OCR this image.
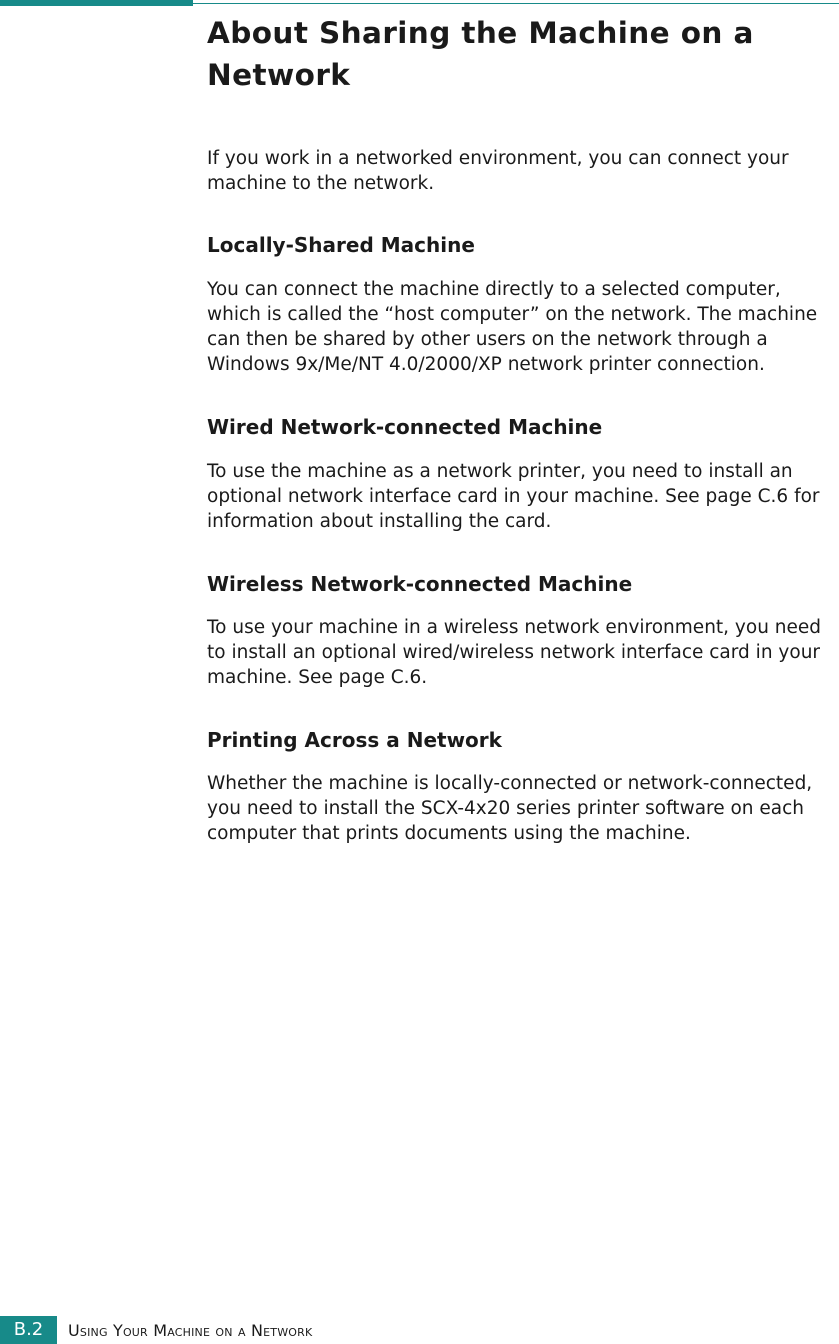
About Sharing the Machine on a Network

If you work in a networked environment, you can connect your machine to the network.

Locally-Shared Machine

You can connect the machine directly to a selected computer, which is called the “host computer” on the network. The machine can then be shared by other users on the network through a Windows 9x/Me/NT 4.0/2000/XP network printer connection.

Wired Network-connected Machine

To use the machine as a network printer, you need to install an optional network interface card in your machine. See page C.6 for information about installing the card.

Wireless Network-connected Machine

To use your machine in a wireless network environment, you need to install an optional wired/wireless network interface card in your machine. See page C.6.

Printing Across a Network

Whether the machine is locally-connected or network-connected, you need to install the SCX-4x20 series printer software on each computer that prints documents using the machine.

B.2	Using Your Machine on a Network
